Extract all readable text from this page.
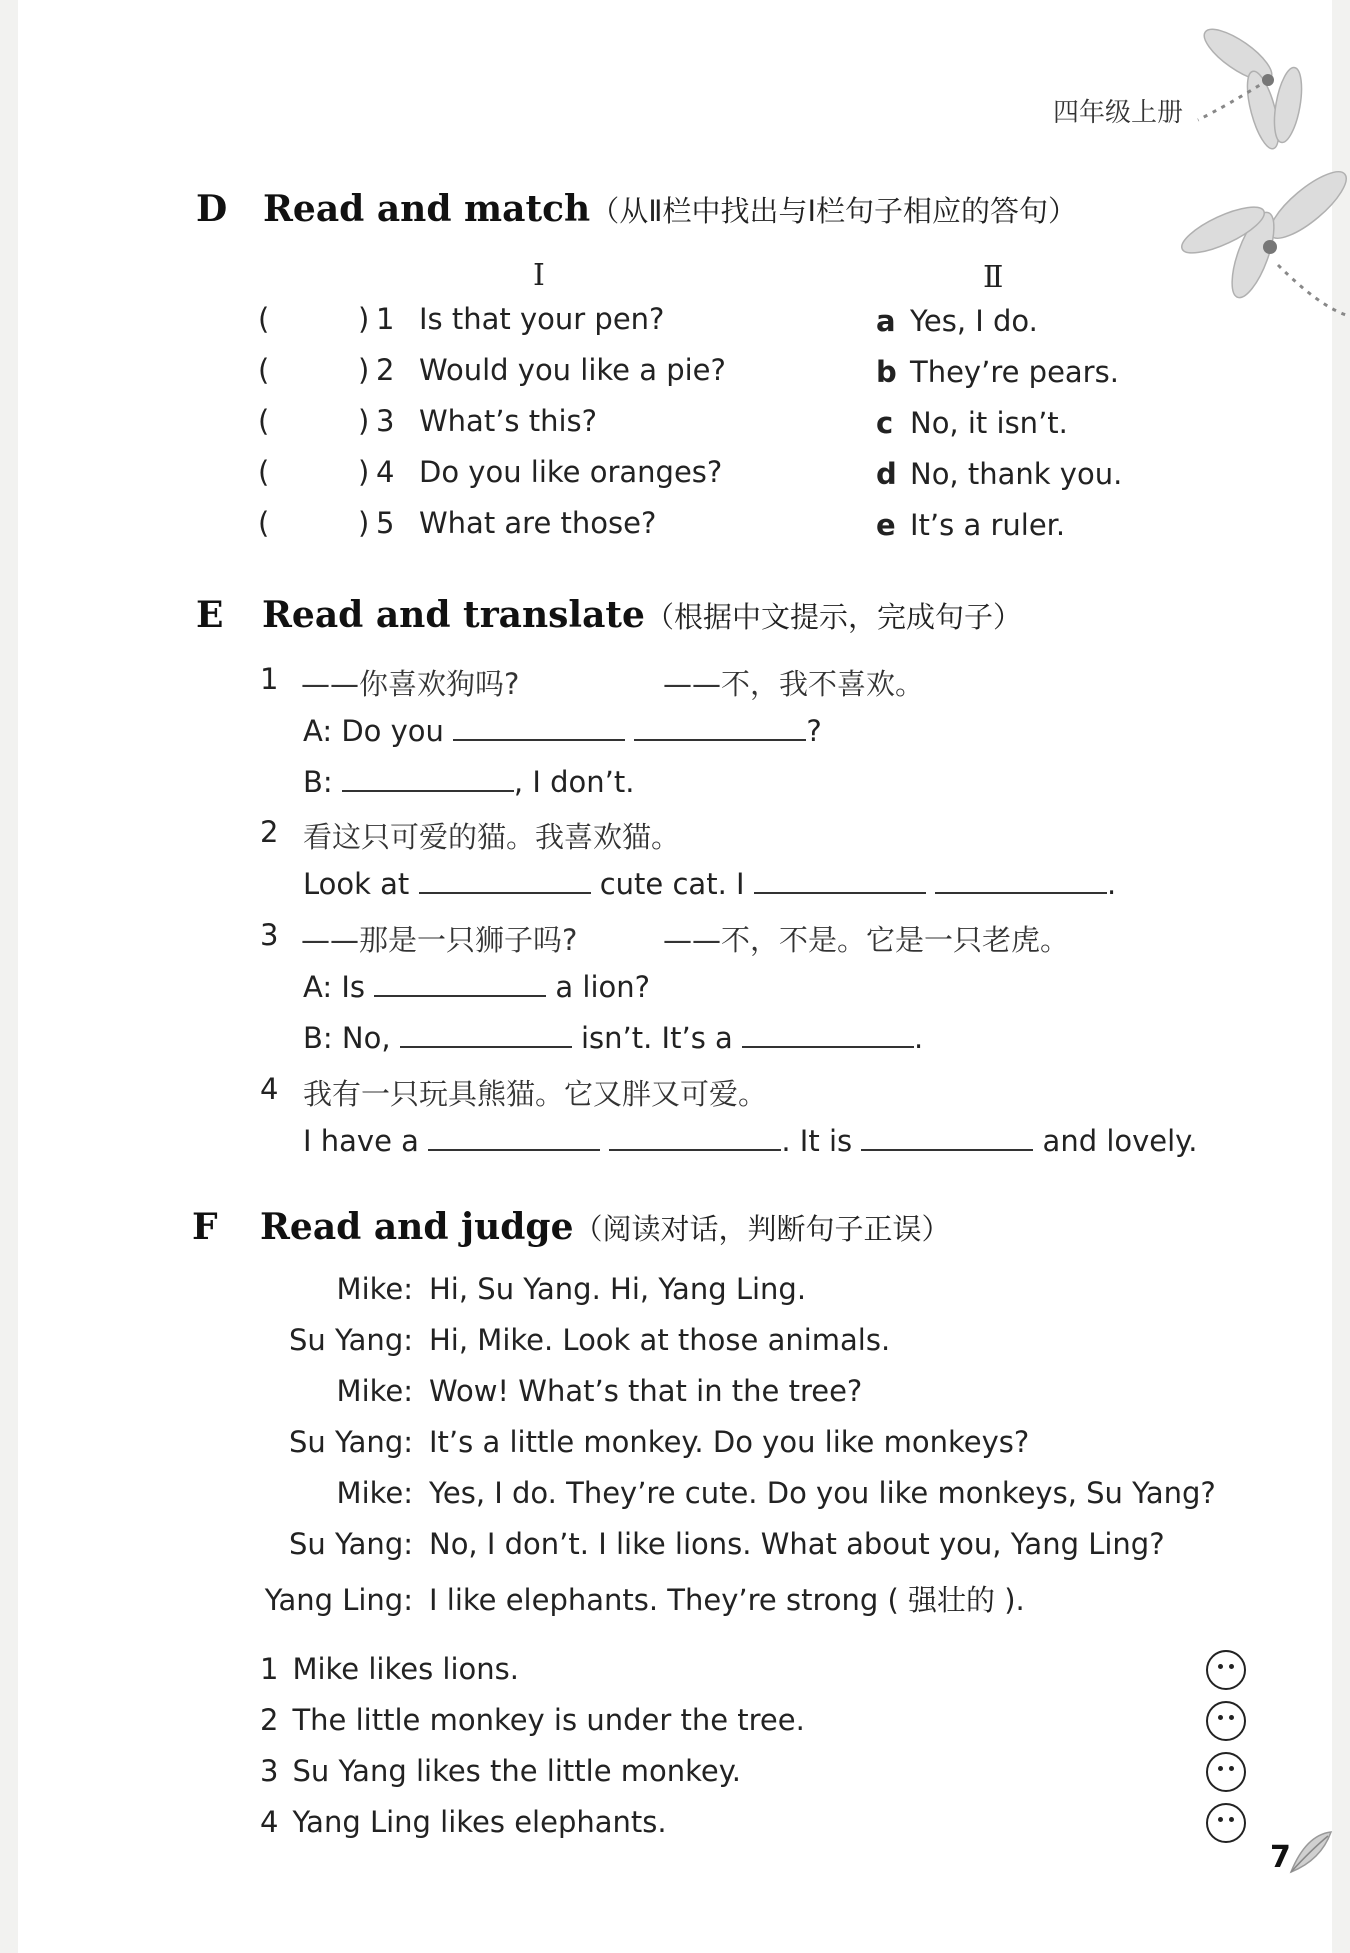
四年级上册
D Read and match（从Ⅱ栏中找出与Ⅰ栏句子相应的答句）
Ⅰ	Ⅱ
E Read and translate（根据中文提示，完成句子）
1 ——你喜欢狗吗?	——不，我不喜欢。
A: Do you	?
B:	, I don’t.
2 看这只可爱的猫。我喜欢猫。
Look at	cute cat. I	.
3 ——那是一只狮子吗?	——不，不是。它是一只老虎。
A: Is	a lion?
B: No,	isn’t. It’s a	.
4 我有一只玩具熊猫。它又胖又可爱。
I have a	. It is	and lovely.
F Read and judge（阅读对话，判断句子正误）
7
(	) 1 Is that your pen?	a Yes, I do.
(	) 2 Would you like a pie?	b They’re pears.
(	) 3 What’s this?	c No, it isn’t.
(	) 4 Do you like oranges?	d No, thank you.
(	) 5 What are those?	e It’s a ruler.
Mike: Hi, Su Yang. Hi, Yang Ling.
Su Yang: Hi, Mike. Look at those animals.
Mike: Wow! What’s that in the tree?
Su Yang: It’s a little monkey. Do you like monkeys?
Mike: Yes, I do. They’re cute. Do you like monkeys, Su Yang?
Su Yang: No, I don’t. I like lions. What about you, Yang Ling?
Yang Ling: I like elephants. They’re strong ( 强壮的 ).
1 Mike likes lions.
2 The little monkey is under the tree.
3 Su Yang likes the little monkey.
4 Yang Ling likes elephants.
